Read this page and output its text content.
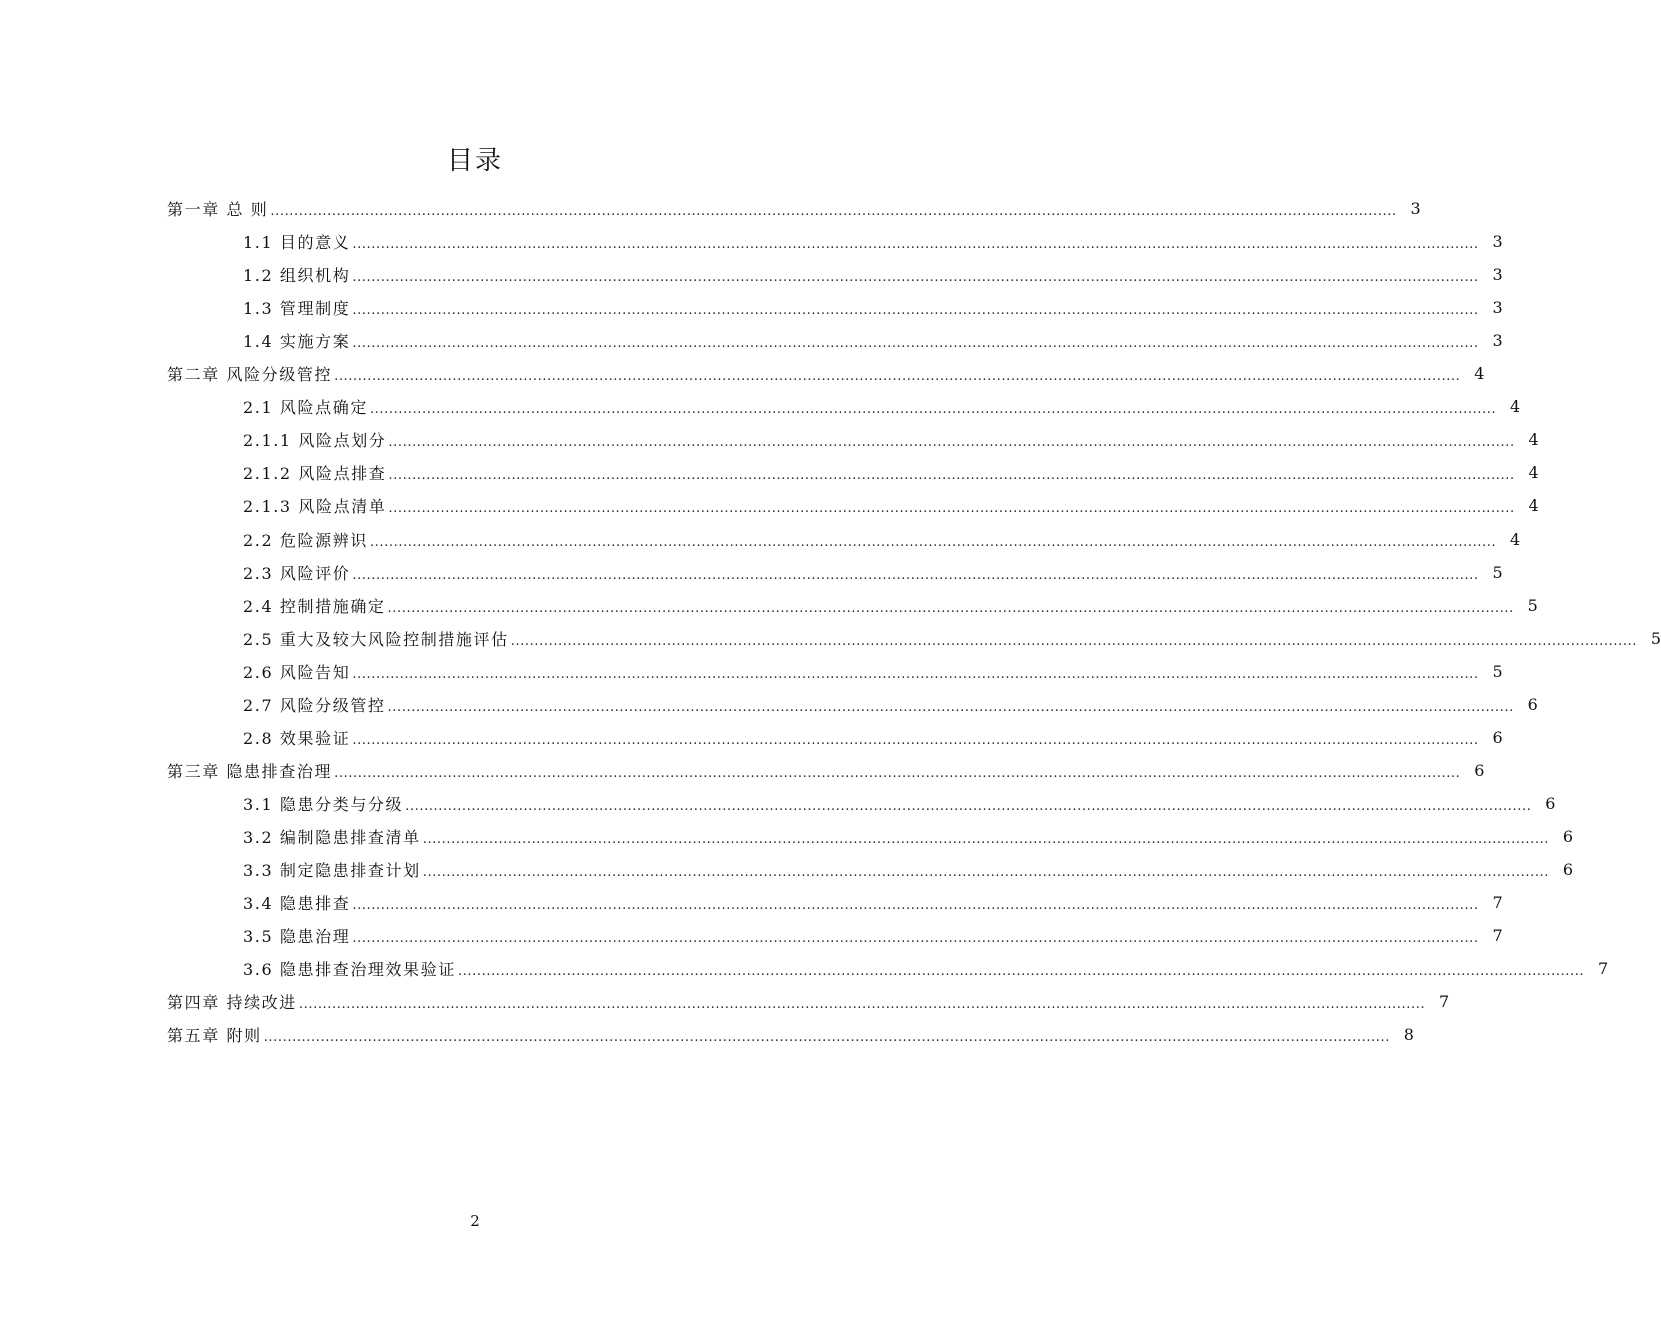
目录
第一章 总 则 .............................................................................................................................................................................................................................................. 3
1.1 目的意义 .............................................................................................................................................................................................................................................. 3
1.2 组织机构 .............................................................................................................................................................................................................................................. 3
1.3 管理制度 .............................................................................................................................................................................................................................................. 3
1.4 实施方案 .............................................................................................................................................................................................................................................. 3
第二章 风险分级管控 .............................................................................................................................................................................................................................................. 4
2.1 风险点确定 .............................................................................................................................................................................................................................................. 4
2.1.1 风险点划分 .............................................................................................................................................................................................................................................. 4
2.1.2 风险点排查 .............................................................................................................................................................................................................................................. 4
2.1.3 风险点清单 .............................................................................................................................................................................................................................................. 4
2.2 危险源辨识 .............................................................................................................................................................................................................................................. 4
2.3 风险评价 .............................................................................................................................................................................................................................................. 5
2.4 控制措施确定 .............................................................................................................................................................................................................................................. 5
2.5 重大及较大风险控制措施评估 .............................................................................................................................................................................................................................................. 5
2.6 风险告知 .............................................................................................................................................................................................................................................. 5
2.7 风险分级管控 .............................................................................................................................................................................................................................................. 6
2.8 效果验证 .............................................................................................................................................................................................................................................. 6
第三章 隐患排查治理 .............................................................................................................................................................................................................................................. 6
3.1 隐患分类与分级 .............................................................................................................................................................................................................................................. 6
3.2 编制隐患排查清单 .............................................................................................................................................................................................................................................. 6
3.3 制定隐患排查计划 .............................................................................................................................................................................................................................................. 6
3.4 隐患排查 .............................................................................................................................................................................................................................................. 7
3.5 隐患治理 .............................................................................................................................................................................................................................................. 7
3.6 隐患排查治理效果验证 .............................................................................................................................................................................................................................................. 7
第四章 持续改进 .............................................................................................................................................................................................................................................. 7
第五章 附则 .............................................................................................................................................................................................................................................. 8
2
